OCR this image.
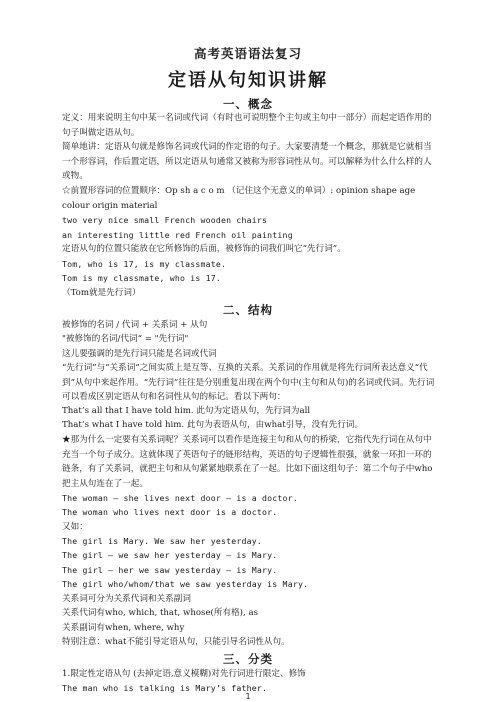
高考英语语法复习
定语从句知识讲解
一、概念
定义：用来说明主句中某一名词或代词（有时也可说明整个主句或主句中一部分）而起定语作用的句子叫做定语从句。
简单地讲：定语从句就是修饰名词或代词的作定语的句子。大家要清楚一个概念，那就是它就相当一个形容词，作后置定语，所以定语从句通常又被称为形容词性从句。可以解释为什么什么样的人或物。
☆前置形容词的位置顺序：Op sh a c o m （记住这个无意义的单词）: opinion shape age colour origin material
two very nice small French wooden chairs
an interesting little red French oil painting
定语从句的位置只能放在它所修饰的后面，被修饰的词我们叫它“先行词”。
Tom, who is 17, is my classmate.
Tom is my classmate, who is 17.
（Tom就是先行词）
二、结构
被修饰的名词 / 代词 + 关系词 + 从句
"被修饰的名词/代词“ = "先行词"
这儿要强调的是先行词只能是名词或代词
“先行词”与“关系词”之间实质上是互等、互换的关系。关系词的作用就是将先行词所表达意义“代到”从句中来起作用。“先行词”往往是分别重复出现在两个句中(主句和从句)的名词或代词。先行词可以看成区别定语从句和名词性从句的标记。看以下两句：
That’s all that I have told him. 此句为定语从句，先行词为all
That’s what I have told him. 此句为表语从句，由what引导，没有先行词。
★那为什么一定要有关系词呢？关系词可以看作是连接主句和从句的桥梁，它指代先行词在从句中充当一个句子成分。这就体现了英语句子的链形结构，英语的句子逻辑性很强，就象一环扣一环的链条，有了关系词，就把主句和从句紧紧地联系在了一起。比如下面这组句子：第二个句子中who把主从句连在了一起。
The woman – she lives next door – is a doctor.
The woman who lives next door is a doctor.
又如：
The girl is Mary. We saw her yesterday.
The girl – we saw her yesterday – is Mary.
The girl – her we saw yesterday – is Mary.
The girl who/whom/that we saw yesterday is Mary.
关系词可分为关系代词和关系副词
关系代词有who, which, that, whose(所有格), as
关系副词有when, where, why
特别注意：what不能引导定语从句，只能引导名词性从句。
三、分类
1.限定性定语从句 (去掉定语,意义模糊)对先行词进行限定、修饰
The man who is talking is Mary’s father.
1
